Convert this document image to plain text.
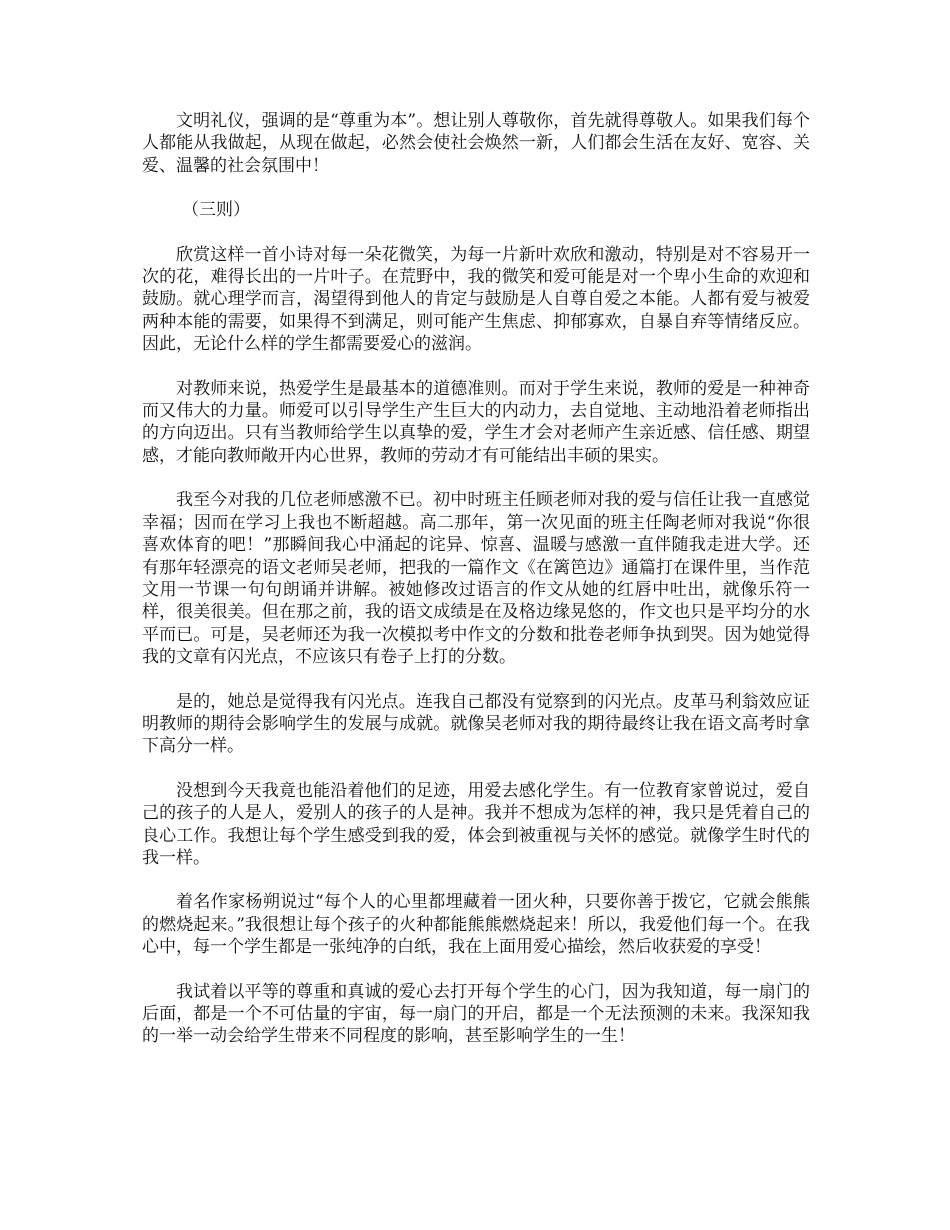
文明礼仪，强调的是“尊重为本”。想让别人尊敬你，首先就得尊敬人。如果我们每个人都能从我做起，从现在做起，必然会使社会焕然一新，人们都会生活在友好、宽容、关爱、温馨的社会氛围中！

（三则）

欣赏这样一首小诗对每一朵花微笑，为每一片新叶欢欣和激动，特别是对不容易开一次的花，难得长出的一片叶子。在荒野中，我的微笑和爱可能是对一个卑小生命的欢迎和鼓励。就心理学而言，渴望得到他人的肯定与鼓励是人自尊自爱之本能。人都有爱与被爱两种本能的需要，如果得不到满足，则可能产生焦虑、抑郁寡欢，自暴自弃等情绪反应。因此，无论什么样的学生都需要爱心的滋润。

对教师来说，热爱学生是最基本的道德准则。而对于学生来说，教师的爱是一种神奇而又伟大的力量。师爱可以引导学生产生巨大的内动力，去自觉地、主动地沿着老师指出的方向迈出。只有当教师给学生以真挚的爱，学生才会对老师产生亲近感、信任感、期望感，才能向教师敞开内心世界，教师的劳动才有可能结出丰硕的果实。

我至今对我的几位老师感激不已。初中时班主任顾老师对我的爱与信任让我一直感觉幸福；因而在学习上我也不断超越。高二那年，第一次见面的班主任陶老师对我说“你很喜欢体育的吧！”那瞬间我心中涌起的诧异、惊喜、温暖与感激一直伴随我走进大学。还有那年轻漂亮的语文老师吴老师，把我的一篇作文《在篱笆边》通篇打在课件里，当作范文用一节课一句句朗诵并讲解。被她修改过语言的作文从她的红唇中吐出，就像乐符一样，很美很美。但在那之前，我的语文成绩是在及格边缘晃悠的，作文也只是平均分的水平而已。可是，吴老师还为我一次模拟考中作文的分数和批卷老师争执到哭。因为她觉得我的文章有闪光点，不应该只有卷子上打的分数。

是的，她总是觉得我有闪光点。连我自己都没有觉察到的闪光点。皮革马利翁效应证明教师的期待会影响学生的发展与成就。就像吴老师对我的期待最终让我在语文高考时拿下高分一样。

没想到今天我竟也能沿着他们的足迹，用爱去感化学生。有一位教育家曾说过，爱自己的孩子的人是人，爱别人的孩子的人是神。我并不想成为怎样的神，我只是凭着自己的良心工作。我想让每个学生感受到我的爱，体会到被重视与关怀的感觉。就像学生时代的我一样。

着名作家杨朔说过“每个人的心里都埋藏着一团火种，只要你善于拨它，它就会熊熊的燃烧起来。”我很想让每个孩子的火种都能熊熊燃烧起来！所以，我爱他们每一个。在我心中，每一个学生都是一张纯净的白纸，我在上面用爱心描绘，然后收获爱的享受！

我试着以平等的尊重和真诚的爱心去打开每个学生的心门，因为我知道，每一扇门的后面，都是一个不可估量的宇宙，每一扇门的开启，都是一个无法预测的未来。我深知我的一举一动会给学生带来不同程度的影响，甚至影响学生的一生！
